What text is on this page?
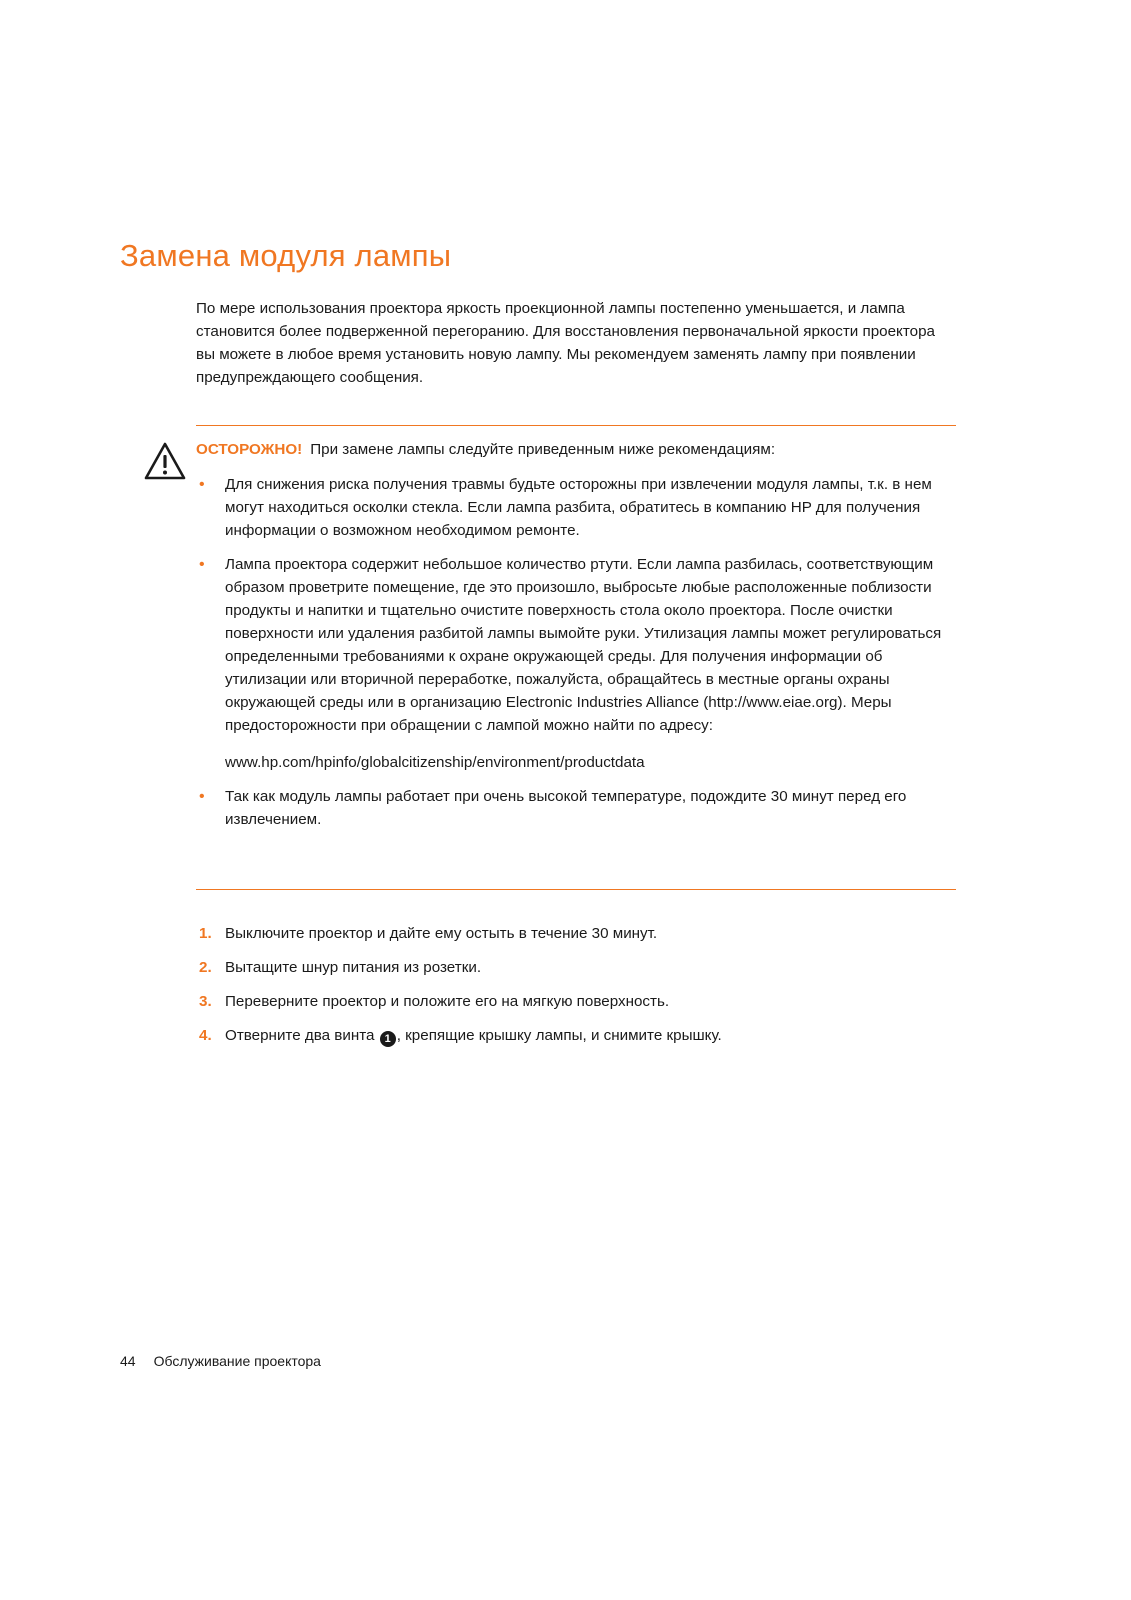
Замена модуля лампы

По мере использования проектора яркость проекционной лампы постепенно уменьшается, и лампа становится более подверженной перегоранию. Для восстановления первоначальной яркости проектора вы можете в любое время установить новую лампу. Мы рекомендуем заменять лампу при появлении предупреждающего сообщения.

ОСТОРОЖНО! При замене лампы следуйте приведенным ниже рекомендациям:
• Для снижения риска получения травмы будьте осторожны при извлечении модуля лампы, т.к. в нем могут находиться осколки стекла. Если лампа разбита, обратитесь в компанию HP для получения информации о возможном необходимом ремонте.
• Лампа проектора содержит небольшое количество ртути. Если лампа разбилась, соответствующим образом проветрите помещение, где это произошло, выбросьте любые расположенные поблизости продукты и напитки и тщательно очистите поверхность стола около проектора. После очистки поверхности или удаления разбитой лампы вымойте руки. Утилизация лампы может регулироваться определенными требованиями к охране окружающей среды. Для получения информации об утилизации или вторичной переработке, пожалуйста, обращайтесь в местные органы охраны окружающей среды или в организацию Electronic Industries Alliance (http://www.eiae.org). Меры предосторожности при обращении с лампой можно найти по адресу:
www.hp.com/hpinfo/globalcitizenship/environment/productdata
• Так как модуль лампы работает при очень высокой температуре, подождите 30 минут перед его извлечением.
1. Выключите проектор и дайте ему остыть в течение 30 минут.
2. Вытащите шнур питания из розетки.
3. Переверните проектор и положите его на мягкую поверхность.
4. Отверните два винта 1 , крепящие крышку лампы, и снимите крышку.
44 Обслуживание проектора
